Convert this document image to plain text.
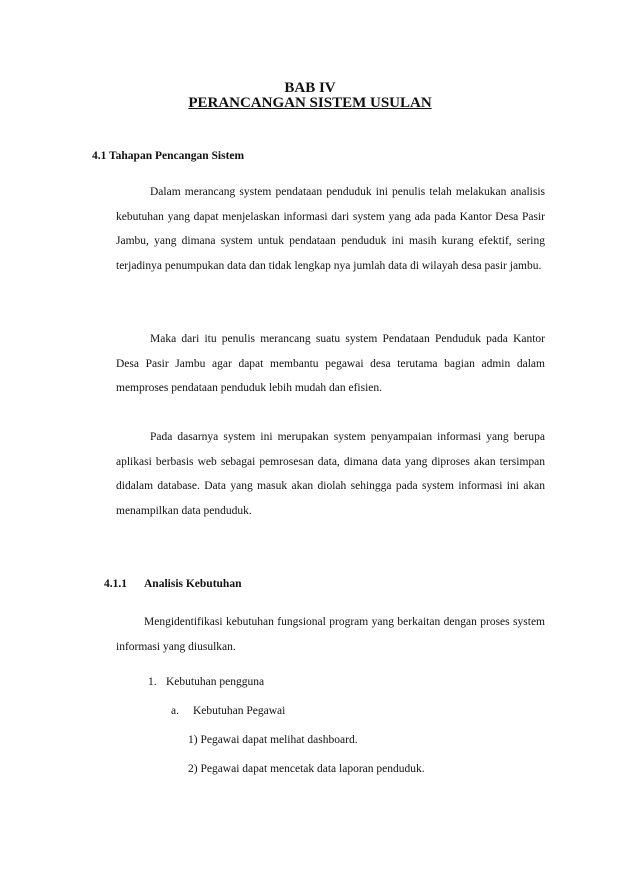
BAB IV
PERANCANGAN SISTEM USULAN
4.1 Tahapan Pencangan Sistem

Dalam merancang system pendataan penduduk ini penulis telah melakukan analisis kebutuhan yang dapat menjelaskan informasi dari system yang ada pada Kantor Desa Pasir Jambu, yang dimana system untuk pendataan penduduk ini masih kurang efektif, sering terjadinya penumpukan data dan tidak lengkap nya jumlah data di wilayah desa pasir jambu.

Maka dari itu penulis merancang suatu system Pendataan Penduduk pada Kantor Desa Pasir Jambu agar dapat membantu pegawai desa terutama bagian admin dalam memproses pendataan penduduk lebih mudah dan efisien.

Pada dasarnya system ini merupakan system penyampaian informasi yang berupa aplikasi berbasis web sebagai pemrosesan data, dimana data yang diproses akan tersimpan didalam database. Data yang masuk akan diolah sehingga pada system informasi ini akan menampilkan data penduduk.

4.1.1 Analisis Kebutuhan

Mengidentifikasi kebutuhan fungsional program yang berkaitan dengan proses system informasi yang diusulkan.

1. Kebutuhan pengguna
a. Kebutuhan Pegawai
1) Pegawai dapat melihat dashboard.
2) Pegawai dapat mencetak data laporan penduduk.
